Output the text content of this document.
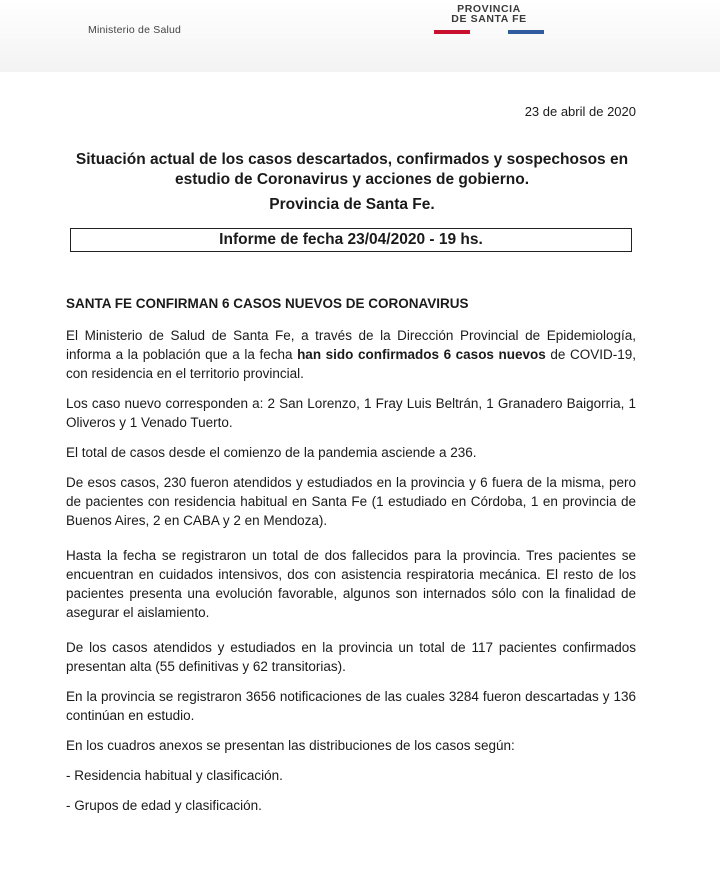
Ministerio de Salud
PROVINCIA
DE SANTA FE
23 de abril de 2020
Situación actual de los casos descartados, confirmados y sospechosos en estudio de Coronavirus y acciones de gobierno.
Provincia de Santa Fe.
Informe de fecha 23/04/2020 - 19 hs.
SANTA FE CONFIRMAN 6 CASOS NUEVOS DE CORONAVIRUS

El Ministerio de Salud de Santa Fe, a través de la Dirección Provincial de Epidemiología, informa a la población que a la fecha han sido confirmados 6 casos nuevos de COVID-19, con residencia en el territorio provincial.

Los caso nuevo corresponden a: 2 San Lorenzo, 1 Fray Luis Beltrán, 1 Granadero Baigorria, 1 Oliveros y 1 Venado Tuerto.

El total de casos desde el comienzo de la pandemia asciende a 236.

De esos casos, 230 fueron atendidos y estudiados en la provincia y 6 fuera de la misma, pero de pacientes con residencia habitual en Santa Fe (1 estudiado en Córdoba, 1 en provincia de Buenos Aires, 2 en CABA y 2 en Mendoza).

Hasta la fecha se registraron un total de dos fallecidos para la provincia. Tres pacientes se encuentran en cuidados intensivos, dos con asistencia respiratoria mecánica. El resto de los pacientes presenta una evolución favorable, algunos son internados sólo con la finalidad de asegurar el aislamiento.

De los casos atendidos y estudiados en la provincia un total de 117 pacientes confirmados presentan alta (55 definitivas y 62 transitorias).

En la provincia se registraron 3656 notificaciones de las cuales 3284 fueron descartadas y 136 continúan en estudio.

En los cuadros anexos se presentan las distribuciones de los casos según:

- Residencia habitual y clasificación.

- Grupos de edad y clasificación.
